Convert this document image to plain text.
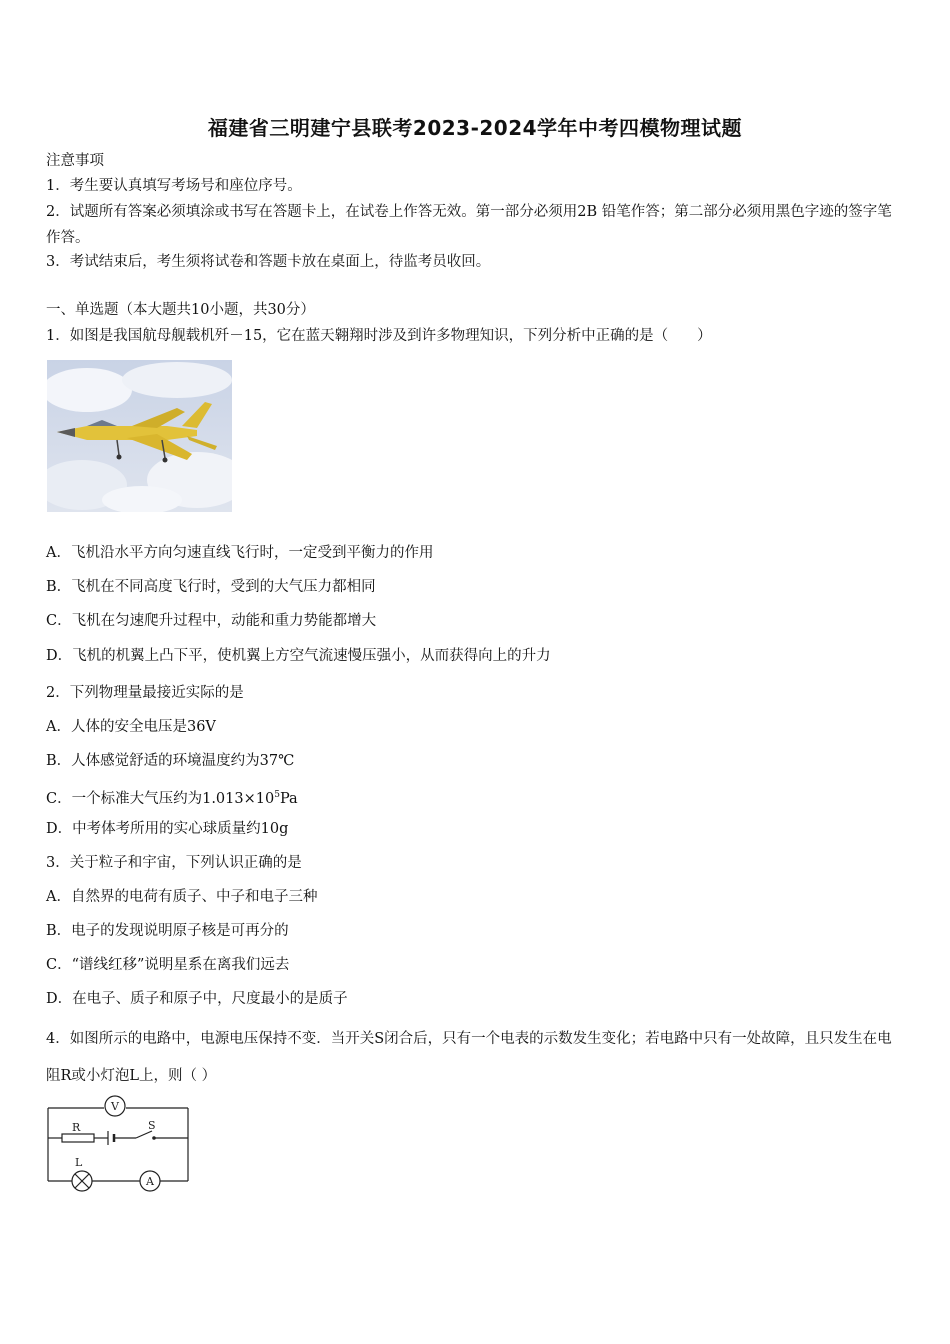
福建省三明建宁县联考2023-2024学年中考四模物理试题
注意事项
1．考生要认真填写考场号和座位序号。
2．试题所有答案必须填涂或书写在答题卡上，在试卷上作答无效。第一部分必须用2B 铅笔作答；第二部分必须用黑色字迹的签字笔作答。
3．考试结束后，考生须将试卷和答题卡放在桌面上，待监考员收回。
一、单选题（本大题共10小题，共30分）
1．如图是我国航母舰载机歼－15，它在蓝天翱翔时涉及到许多物理知识，下列分析中正确的是（　　）
A．飞机沿水平方向匀速直线飞行时，一定受到平衡力的作用
B．飞机在不同高度飞行时，受到的大气压力都相同
C．飞机在匀速爬升过程中，动能和重力势能都增大
D．飞机的机翼上凸下平，使机翼上方空气流速慢压强小，从而获得向上的升力
2．下列物理量最接近实际的是
A．人体的安全电压是36V
B．人体感觉舒适的环境温度约为37℃
C．一个标准大气压约为$1.013\times 10^5Pa$
D．中考体考所用的实心球质量约10g
3．关于粒子和宇宙，下列认识正确的是
A．自然界的电荷有质子、中子和电子三种
B．电子的发现说明原子核是可再分的
C．“谱线红移”说明星系在离我们远去
D．在电子、质子和原子中，尺度最小的是质子
4．如图所示的电路中，电源电压保持不变．当开关S闭合后，只有一个电表的示数发生变化；若电路中只有一处故障，且只发生在电阻R或小灯泡L上，则（ ）
V
R	S
L
A
